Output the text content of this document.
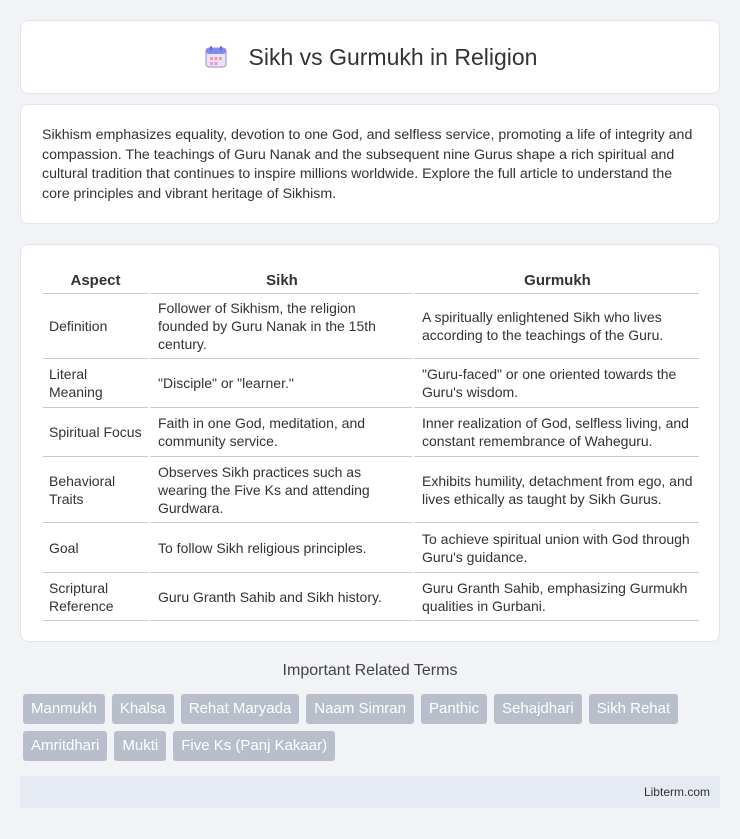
Sikh vs Gurmukh in Religion

Sikhism emphasizes equality, devotion to one God, and selfless service, promoting a life of integrity and compassion. The teachings of Guru Nanak and the subsequent nine Gurus shape a rich spiritual and cultural tradition that continues to inspire millions worldwide. Explore the full article to understand the core principles and vibrant heritage of Sikhism.

Aspect	Sikh	Gurmukh
Definition	Follower of Sikhism, the religion founded by Guru Nanak in the 15th century.	A spiritually enlightened Sikh who lives according to the teachings of the Guru.
Literal Meaning	"Disciple" or "learner."	"Guru-faced" or one oriented towards the Guru's wisdom.
Spiritual Focus	Faith in one God, meditation, and community service.	Inner realization of God, selfless living, and constant remembrance of Waheguru.
Behavioral Traits	Observes Sikh practices such as wearing the Five Ks and attending Gurdwara.	Exhibits humility, detachment from ego, and lives ethically as taught by Sikh Gurus.
Goal	To follow Sikh religious principles.	To achieve spiritual union with God through Guru's guidance.
Scriptural Reference	Guru Granth Sahib and Sikh history.	Guru Granth Sahib, emphasizing Gurmukh qualities in Gurbani.
Important Related Terms
Manmukh	Khalsa	Rehat Maryada	Naam Simran	Panthic	Sehajdhari	Sikh Rehat
Amritdhari	Mukti	Five Ks (Panj Kakaar)
Libterm.com
